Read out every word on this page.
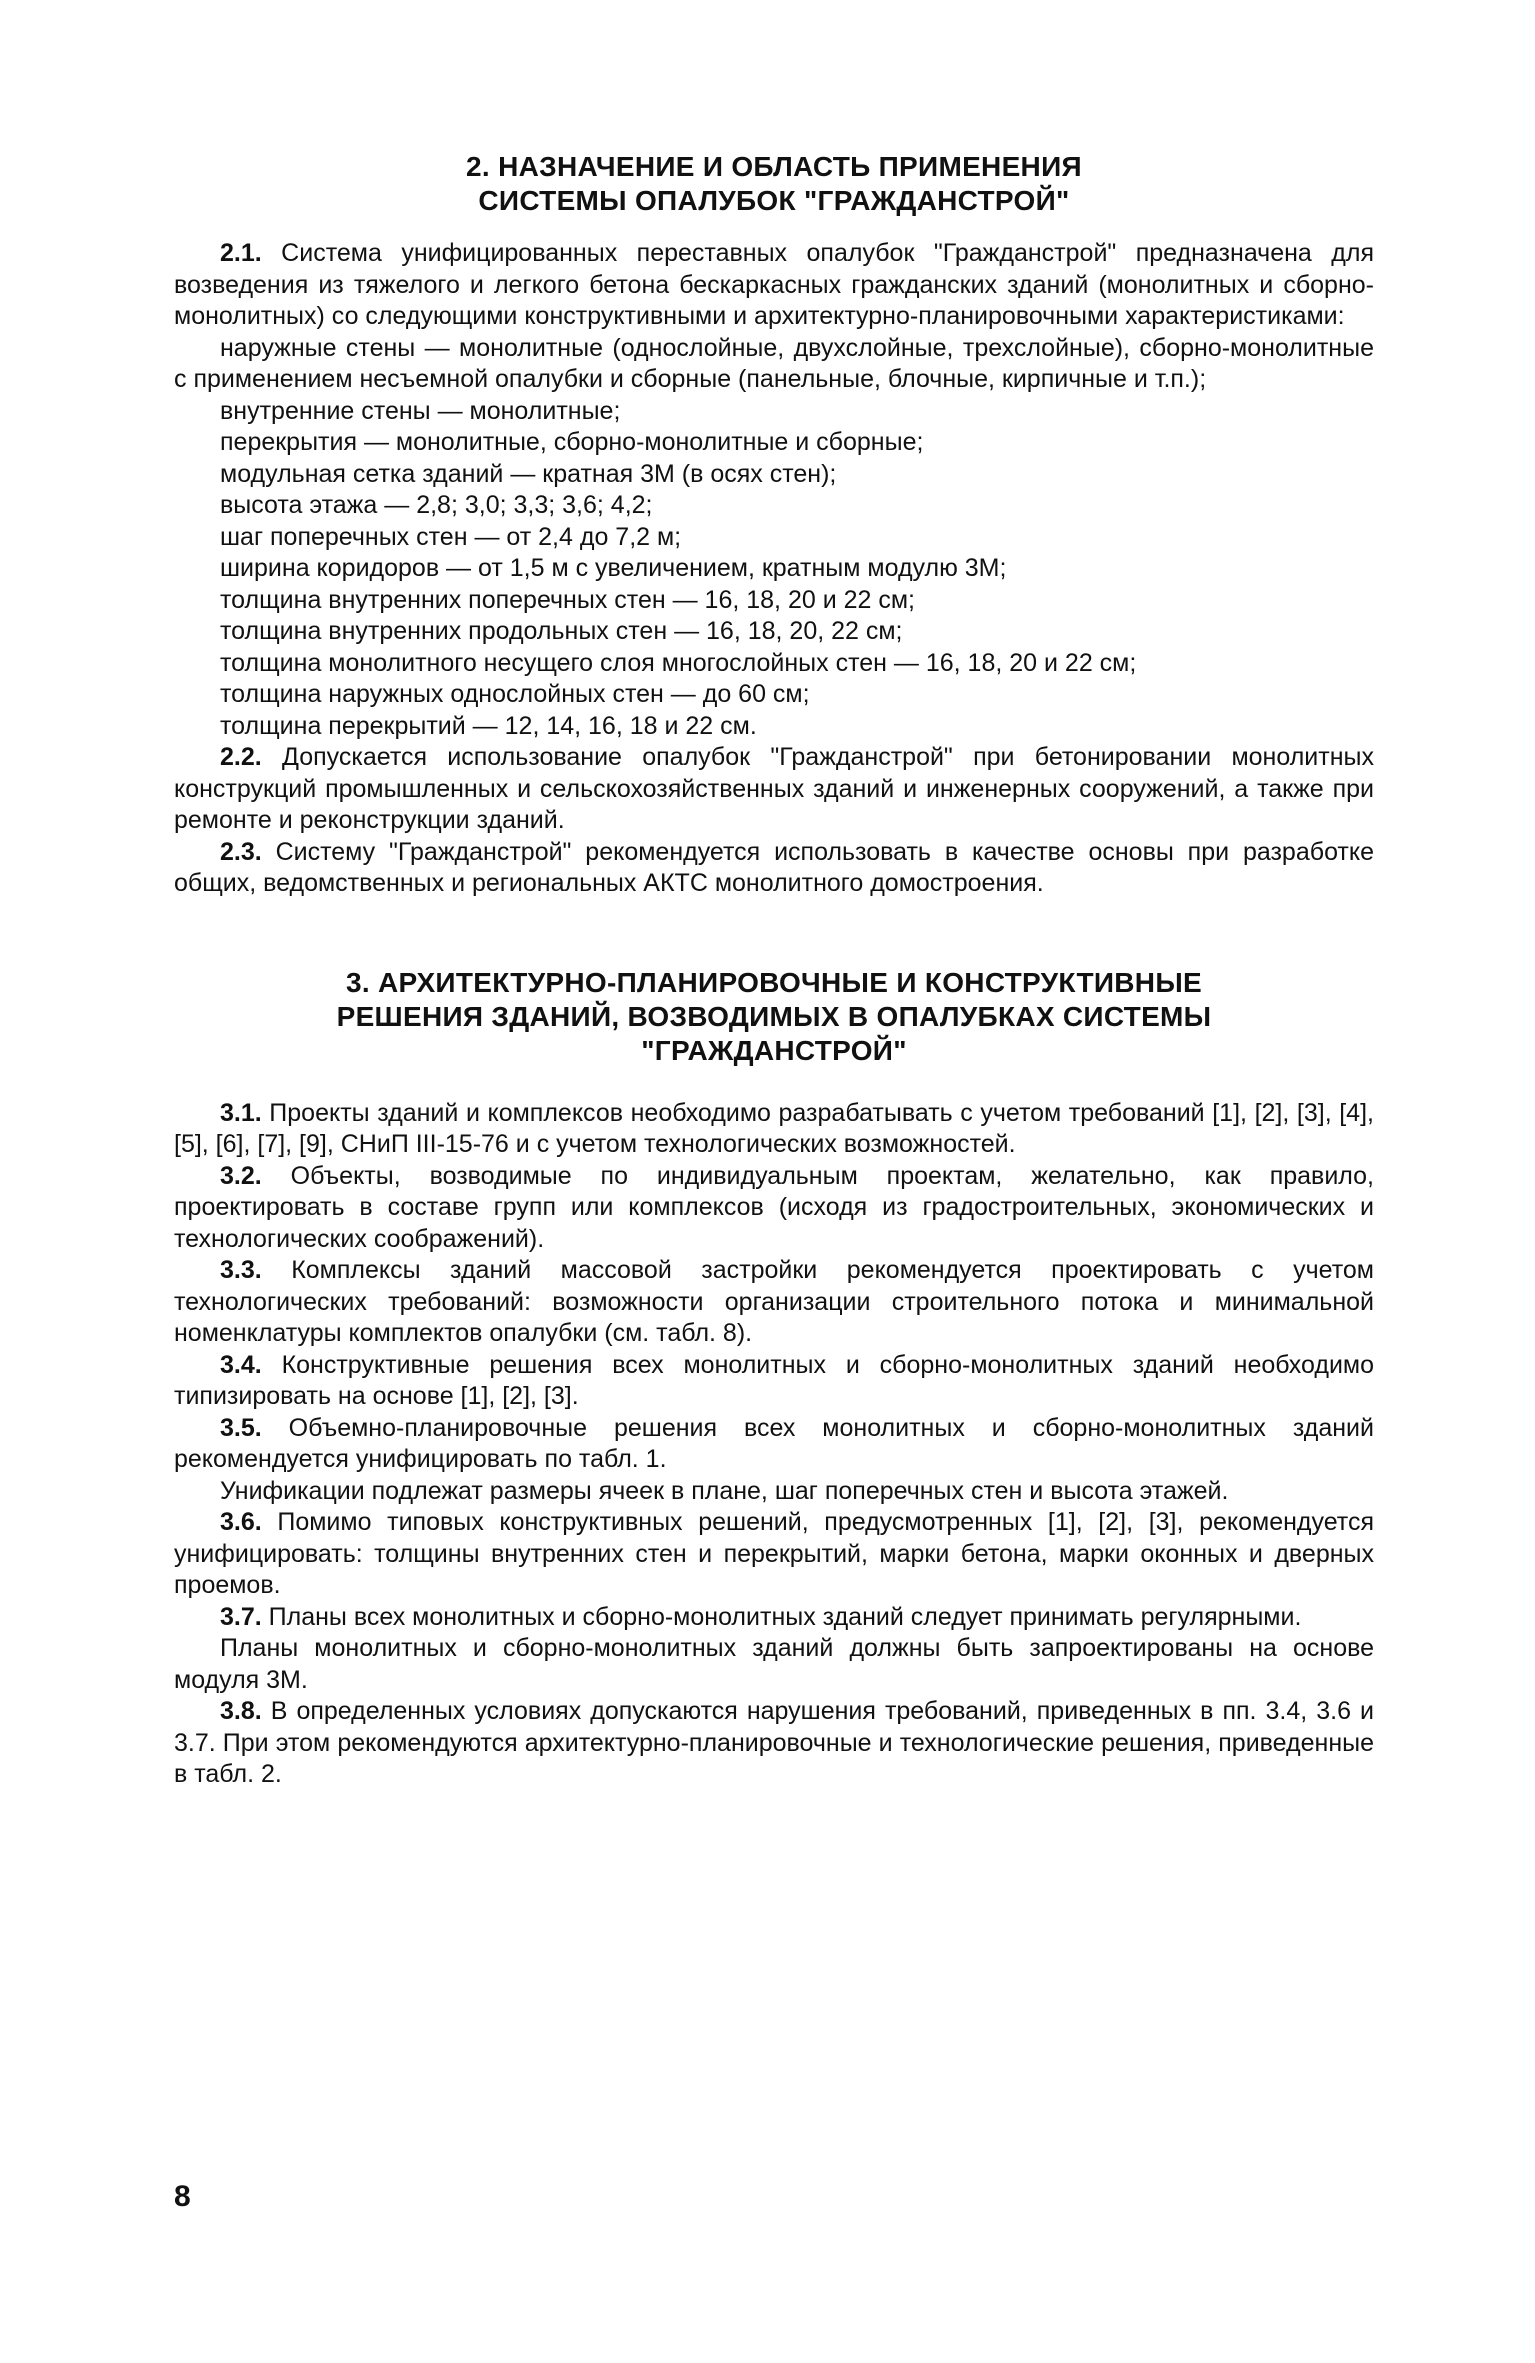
2. НАЗНАЧЕНИЕ И ОБЛАСТЬ ПРИМЕНЕНИЯ
СИСТЕМЫ ОПАЛУБОК "ГРАЖДАНСТРОЙ"

2.1. Система унифицированных переставных опалубок "Гражданстрой" предназначена для возведения из тяжелого и легкого бетона бескаркасных гражданских зданий (монолитных и сборно-монолитных) со следующими конструктивными и архитектурно-планировочными характеристиками:

наружные стены — монолитные (однослойные, двухслойные, трехслойные), сборно-монолитные с применением несъемной опалубки и сборные (панельные, блочные, кирпичные и т.п.);
внутренние стены — монолитные;
перекрытия — монолитные, сборно-монолитные и сборные;
модульная сетка зданий — кратная 3М (в осях стен);
высота этажа — 2,8; 3,0; 3,3; 3,6; 4,2;
шаг поперечных стен — от 2,4 до 7,2 м;
ширина коридоров — от 1,5 м с увеличением, кратным модулю 3М;
толщина внутренних поперечных стен — 16, 18, 20 и 22 см;
толщина внутренних продольных стен — 16, 18, 20, 22 см;
толщина монолитного несущего слоя многослойных стен — 16, 18, 20 и 22 см;
толщина наружных однослойных стен — до 60 см;
толщина перекрытий — 12, 14, 16, 18 и 22 см.

2.2. Допускается использование опалубок "Гражданстрой" при бетонировании монолитных конструкций промышленных и сельскохозяйственных зданий и инженерных сооружений, а также при ремонте и реконструкции зданий.

2.3. Систему "Гражданстрой" рекомендуется использовать в качестве основы при разработке общих, ведомственных и региональных АКТС монолитного домостроения.

3. АРХИТЕКТУРНО-ПЛАНИРОВОЧНЫЕ И КОНСТРУКТИВНЫЕ
РЕШЕНИЯ ЗДАНИЙ, ВОЗВОДИМЫХ В ОПАЛУБКАХ СИСТЕМЫ
"ГРАЖДАНСТРОЙ"

3.1. Проекты зданий и комплексов необходимо разрабатывать с учетом требований [1], [2], [3], [4], [5], [6], [7], [9], СНиП III-15-76 и с учетом технологических возможностей.

3.2. Объекты, возводимые по индивидуальным проектам, желательно, как правило, проектировать в составе групп или комплексов (исходя из градостроительных, экономических и технологических соображений).

3.3. Комплексы зданий массовой застройки рекомендуется проектировать с учетом технологических требований: возможности организации строительного потока и минимальной номенклатуры комплектов опалубки (см. табл. 8).

3.4. Конструктивные решения всех монолитных и сборно-монолитных зданий необходимо типизировать на основе [1], [2], [3].

3.5. Объемно-планировочные решения всех монолитных и сборно-монолитных зданий рекомендуется унифицировать по табл. 1.

Унификации подлежат размеры ячеек в плане, шаг поперечных стен и высота этажей.

3.6. Помимо типовых конструктивных решений, предусмотренных [1], [2], [3], рекомендуется унифицировать: толщины внутренних стен и перекрытий, марки бетона, марки оконных и дверных проемов.

3.7. Планы всех монолитных и сборно-монолитных зданий следует принимать регулярными.

Планы монолитных и сборно-монолитных зданий должны быть запроектированы на основе модуля 3М.

3.8. В определенных условиях допускаются нарушения требований, приведенных в пп. 3.4, 3.6 и 3.7. При этом рекомендуются архитектурно-планировочные и технологические решения, приведенные в табл. 2.

8
